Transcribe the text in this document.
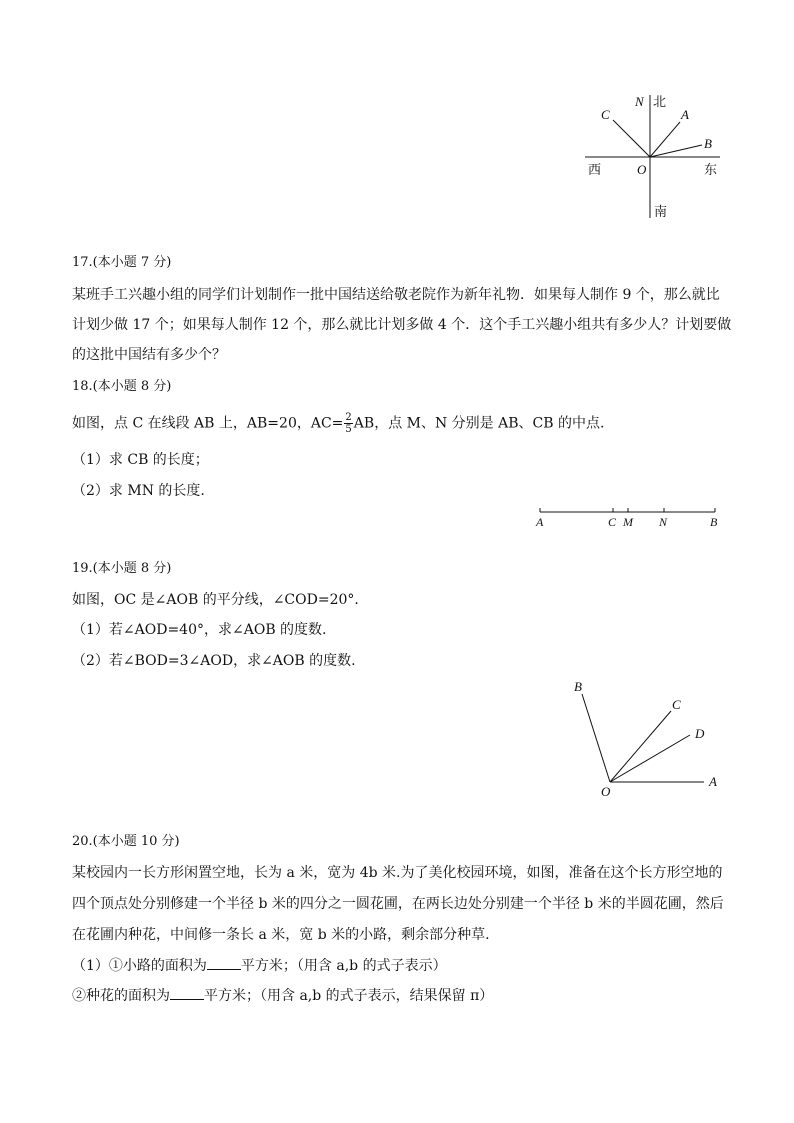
N 北
A
B
C
西	O	东
南
17.(本小题 7 分)
某班手工兴趣小组的同学们计划制作一批中国结送给敬老院作为新年礼物．如果每人制作 9 个，那么就比
计划少做 17 个；如果每人制作 12 个，那么就比计划多做 4 个．这个手工兴趣小组共有多少人？计划要做
的这批中国结有多少个？
18.(本小题 8 分)
如图，点 C 在线段 AB 上，AB=20，$AC= \frac{2}{5}$ AB，点 M、N 分别是 AB、CB 的中点.
（1）求 CB 的长度；
（2）求 MN 的长度.
A	C M N	B
19.(本小题 8 分)
如图，OC 是∠AOB 的平分线，∠COD=20°．
（1）若∠AOD=40°，求∠AOB 的度数.
（2）若∠BOD=3∠AOD，求∠AOB 的度数.
B
C
D
O
A
20.(本小题 10 分)
某校园内一长方形闲置空地，长为 a 米，宽为 4b 米.为了美化校园环境，如图，准备在这个长方形空地的
四个顶点处分别修建一个半径 b 米的四分之一圆花圃，在两长边处分别建一个半径 b 米的半圆花圃，然后
在花圃内种花，中间修一条长 a 米，宽 b 米的小路，剩余部分种草.
（1）①小路的面积为 平方米；（用含 a,b 的式子表示）
②种花的面积为 平方米；（用含 a,b 的式子表示，结果保留 π）
